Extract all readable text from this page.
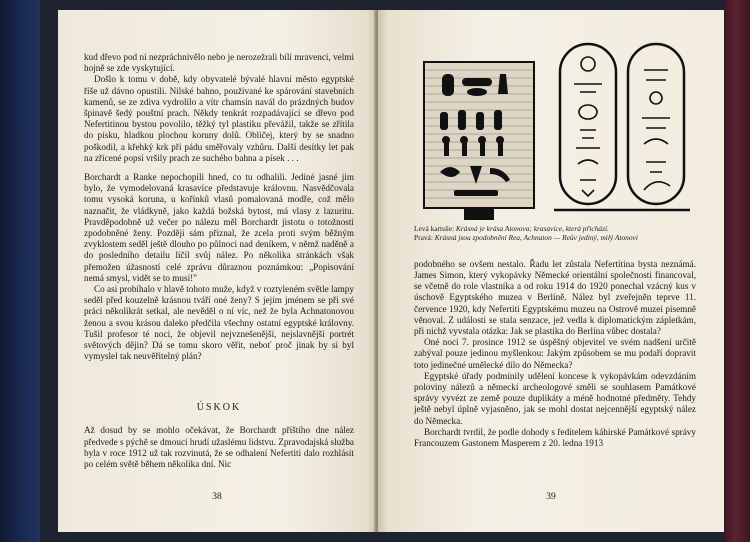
kud dřevo pod ní nezpráchnivělo nebo je nerozežrali bílí mravenci, velmi hojně se zde vyskytující.

Došlo k tomu v době, kdy obyvatelé bývalé hlavní město egyptské říše už dávno opustili. Nilské bahno, používané ke spárování stavebních kamenů, se ze zdiva vydrolilo a vítr chamsín navál do prázdných budov špinavě šedý pouštní prach. Někdy tenkrát rozpadávající se dřevo pod Nefertitinou bystou povolilo, těžký tyl plastiku převážil, takže se zřítila do písku, hladkou plochou koruny dolů. Obličej, který by se snadno poškodil, a křehký krk při pádu směřovaly vzhůru. Další desítky let pak na zřícené popsí vršily prach ze suchého bahna a písek . . .

Borchardt a Ranke nepochopili hned, co tu odhalili. Jediné jasné jim bylo, že vymodelovaná krasavice představuje královnu. Nasvědčovala tomu vysoká koruna, u kořínků vlasů pomalovaná modře, což mělo naznačit, že vládkyně, jako každá božská bytost, má vlasy z lazuritu. Pravděpodobně už večer po nálezu měl Borchardt jistotu o totožnosti zpodobněné ženy. Později sám přiznal, že zcela proti svým běžným zvyklostem seděl ještě dlouho po půlnoci nad deníkem, v němž naděně a do posledního detailu líčil svůj nález. Po několika stránkách však přemožen úžasností celé zprávu důraznou poznámkou: „Popisování nemá smysl, vidět se to musí!"

Co asi probíhalo v hlavě tohoto muže, když v roztyleném světle lampy seděl před kouzelně krásnou tváří oné ženy? S jejím jménem se při své práci několikrát setkal, ale nevěděl o ní víc, než že byla Achnatonovou ženou a svou krásou daleko předčila všechny ostatní egyptské královny. Tušil profesor té noci, že objevil nejvznešenější, nejslavnější portrét světových dějin? Dá se tomu skoro věřit, neboť proč jinak by si byl vymyslel tak neuvěřitelný plán?

ÚSKOK

Až dosud by se mohlo očekávat, že Borchardt příštího dne nález předvede s pýchě se dmoucí hrudí užaslému lidstvu. Zpravodajská služba byla v roce 1912 už tak rozvinutá, že se odhalení Nefertiti dalo rozhlásit po celém světě během několika dní. Nic

38
Levá kartuše: Krásná je krása Atonova; krasavice, která přichází.
Pravá: Krásná jsou zpodobnění Rea, Achnaton — Reův jediný, milý Atonovi

podobného se ovšem nestalo. Řadu let zůstala Nefertitina bysta neznámá. James Simon, který vykopávky Německé orientální společnosti financoval, se včetně do role vlastníka a od roku 1914 do 1920 ponechal vzácný kus v úschově Egyptského muzea v Berlíně. Nález byl zveřejněn teprve 11. července 1920, kdy Nefertiti Egyptskému muzeu na Ostrově muzeí písemně věnoval. Z události se stala senzace, jež vedla k diplomatickým zápletkám, při nichž vyvstala otázka: Jak se plastika do Berlína vůbec dostala?

Oné noci 7. prosince 1912 se úspěšný objevitel ve svém nadšení určitě zabýval pouze jedinou myšlenkou: Jakým způsobem se mu podaří dopravit toto jedinečné umělecké dílo do Německa?

Egyptské úřady podmínily udělení koncese k vykopávkám odevzdáním poloviny nálezů a německí archeologové směli se souhlasem Památkové správy vyvézt ze země pouze duplikáty a méně hodnotné předměty. Tehdy ještě nebyl úplně vyjasněno, jak se mohl dostat nejcennější egyptský nález do Německa.

Borchardt tvrdil, že podle dohody s ředitelem káhirské Památkové správy Francouzem Gastonem Masperem z 20. ledna 1913

39
